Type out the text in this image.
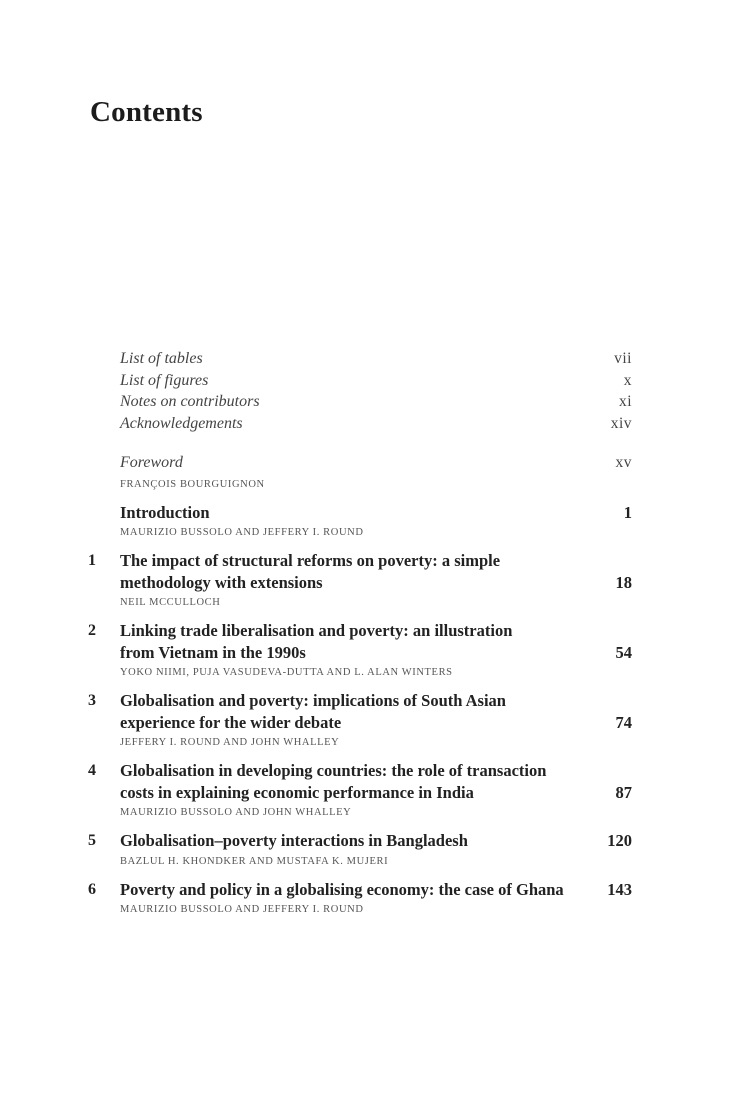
Contents
List of tables	vii
List of figures	x
Notes on contributors	xi
Acknowledgements	xiv
Foreword	xv
FRANÇOIS BOURGUIGNON
Introduction	1
MAURIZIO BUSSOLO AND JEFFERY I. ROUND
1	The impact of structural reforms on poverty: a simple
methodology with extensions	18
NEIL MCCULLOCH
2	Linking trade liberalisation and poverty: an illustration
from Vietnam in the 1990s	54
YOKO NIIMI, PUJA VASUDEVA-DUTTA AND L. ALAN WINTERS
3	Globalisation and poverty: implications of South Asian
experience for the wider debate	74
JEFFERY I. ROUND AND JOHN WHALLEY
4	Globalisation in developing countries: the role of transaction
costs in explaining economic performance in India	87
MAURIZIO BUSSOLO AND JOHN WHALLEY
5	Globalisation–poverty interactions in Bangladesh	120
BAZLUL H. KHONDKER AND MUSTAFA K. MUJERI
6	Poverty and policy in a globalising economy: the case of Ghana	143
MAURIZIO BUSSOLO AND JEFFERY I. ROUND
